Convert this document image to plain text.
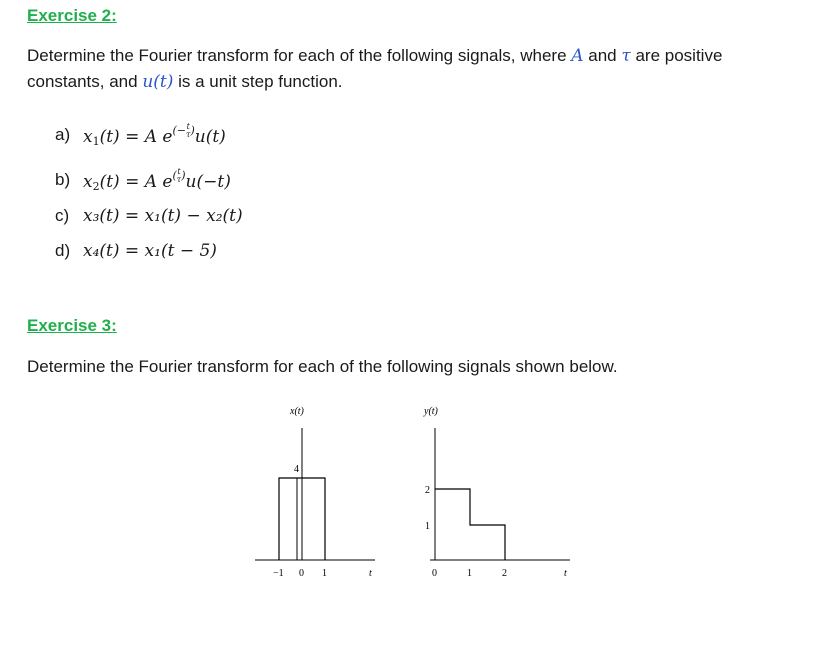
Exercise 2:
Determine the Fourier transform for each of the following signals, where A and τ are positive constants, and u(t) is a unit step function.
a) $x_1(t) = A$ $e^{(-t \tau)}u(t)$
b) $x_2(t) = A$ $e^{(t \tau)}u(-t)$
c) x₃(t) = x₁(t) − x₂(t)
d) x₄(t) = x₁(t − 5)
Exercise 3:
Determine the Fourier transform for each of the following signals shown below.
x(t)
4
−1 0 1	t
y(t)
2
1
0	1	2	t
